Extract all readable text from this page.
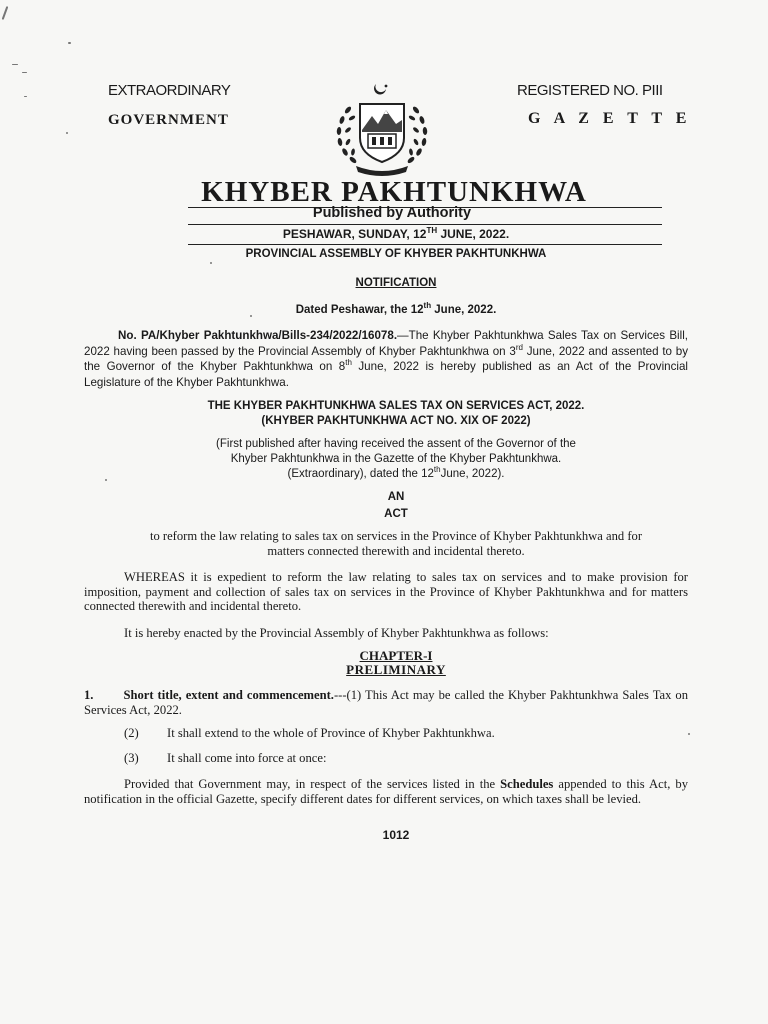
EXTRAORDINARY	REGISTERED NO. PIII
GOVERNMENT	G A Z E T T E
KHYBER PAKHTUNKHWA
Published by Authority
PESHAWAR, SUNDAY, 12TH JUNE, 2022.
PROVINCIAL ASSEMBLY OF KHYBER PAKHTUNKHWA
NOTIFICATION
Dated Peshawar, the 12th June, 2022.
No. PA/Khyber Pakhtunkhwa/Bills-234/2022/16078.—The Khyber Pakhtunkhwa Sales Tax on Services Bill, 2022 having been passed by the Provincial Assembly of Khyber Pakhtunkhwa on 3rd June, 2022 and assented to by the Governor of the Khyber Pakhtunkhwa on 8th June, 2022 is hereby published as an Act of the Provincial Legislature of the Khyber Pakhtunkhwa.
THE KHYBER PAKHTUNKHWA SALES TAX ON SERVICES ACT, 2022.
(KHYBER PAKHTUNKHWA ACT NO. XIX OF 2022)
(First published after having received the assent of the Governor of the
Khyber Pakhtunkhwa in the Gazette of the Khyber Pakhtunkhwa.
(Extraordinary), dated the 12thJune, 2022).
AN
ACT
to reform the law relating to sales tax on services in the Province of Khyber Pakhtunkhwa and for
matters connected therewith and incidental thereto.
WHEREAS it is expedient to reform the law relating to sales tax on services and to make provision for imposition, payment and collection of sales tax on services in the Province of Khyber Pakhtunkhwa and for matters connected therewith and incidental thereto.
It is hereby enacted by the Provincial Assembly of Khyber Pakhtunkhwa as follows:
CHAPTER-I
PRELIMINARY
1. Short title, extent and commencement.---(1) This Act may be called the Khyber Pakhtunkhwa Sales Tax on Services Act, 2022.
(2) It shall extend to the whole of Province of Khyber Pakhtunkhwa.
(3) It shall come into force at once:
Provided that Government may, in respect of the services listed in the Schedules appended to this Act, by notification in the official Gazette, specify different dates for different services, on which taxes shall be levied.
1012
